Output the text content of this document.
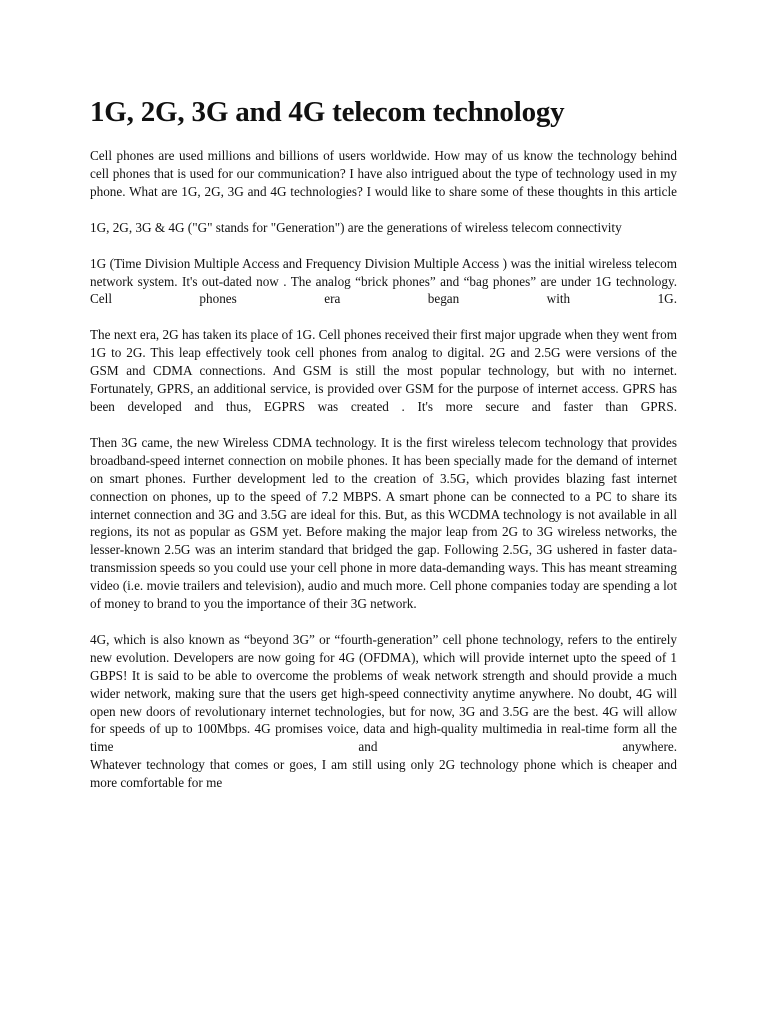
1G, 2G, 3G and 4G telecom technology

Cell phones are used millions and billions of users worldwide. How may of us know the technology behind cell phones that is used for our communication? I have also intrigued about the type of technology used in my phone. What are 1G, 2G, 3G and 4G technologies? I would like to share some of these thoughts in this article

1G, 2G, 3G & 4G ("G" stands for "Generation") are the generations of wireless telecom connectivity

1G (Time Division Multiple Access and Frequency Division Multiple Access ) was the initial wireless telecom network system. It's out-dated now . The analog “brick phones” and “bag phones” are under 1G technology. Cell phones era began with 1G.

The next era, 2G has taken its place of 1G. Cell phones received their first major upgrade when they went from 1G to 2G. This leap effectively took cell phones from analog to digital. 2G and 2.5G were versions of the GSM and CDMA connections. And GSM is still the most popular technology, but with no internet. Fortunately, GPRS, an additional service, is provided over GSM for the purpose of internet access. GPRS has been developed and thus, EGPRS was created . It's more secure and faster than GPRS.

Then 3G came, the new Wireless CDMA technology. It is the first wireless telecom technology that provides broadband-speed internet connection on mobile phones. It has been specially made for the demand of internet on smart phones. Further development led to the creation of 3.5G, which provides blazing fast internet connection on phones, up to the speed of 7.2 MBPS. A smart phone can be connected to a PC to share its internet connection and 3G and 3.5G are ideal for this. But, as this WCDMA technology is not available in all regions, its not as popular as GSM yet. Before making the major leap from 2G to 3G wireless networks, the lesser-known 2.5G was an interim standard that bridged the gap. Following 2.5G, 3G ushered in faster data-transmission speeds so you could use your cell phone in more data-demanding ways. This has meant streaming video (i.e. movie trailers and television), audio and much more. Cell phone companies today are spending a lot of money to brand to you the importance of their 3G network.

4G, which is also known as “beyond 3G” or “fourth-generation” cell phone technology, refers to the entirely new evolution. Developers are now going for 4G (OFDMA), which will provide internet upto the speed of 1 GBPS! It is said to be able to overcome the problems of weak network strength and should provide a much wider network, making sure that the users get high-speed connectivity anytime anywhere. No doubt, 4G will open new doors of revolutionary internet technologies, but for now, 3G and 3.5G are the best. 4G will allow for speeds of up to 100Mbps. 4G promises voice, data and high-quality multimedia in real-time form all the time and anywhere.

Whatever technology that comes or goes, I am still using only 2G technology phone which is cheaper and more comfortable for me
